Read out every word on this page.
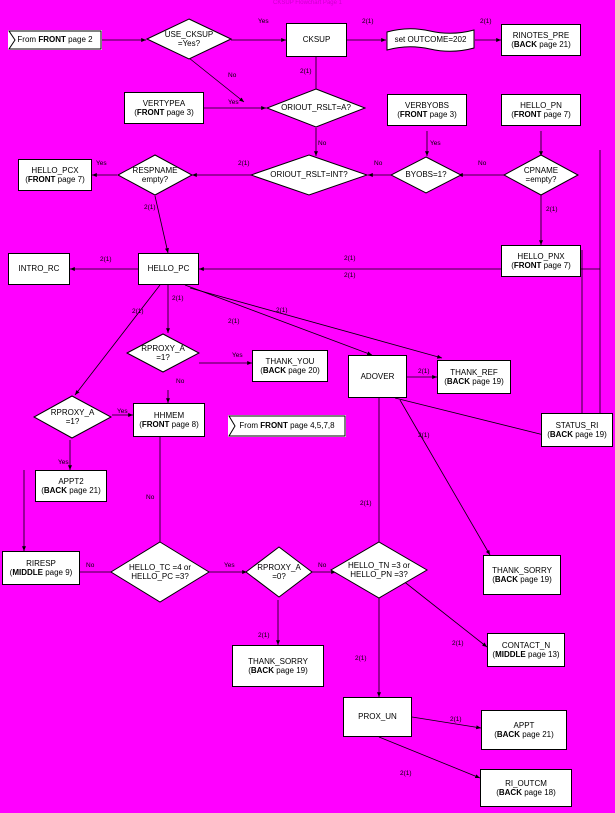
CKSUP Flowchart Page 1
From FRONT page 2
USE_CKSUP
=Yes?	CKSUP	set OUTCOME=202
RINOTES_PRE
(BACK page 21)
VERTYPEA
(FRONT page 3)
ORIOUT_RSLT=A?	VERBYOBS
(FRONT page 3)
HELLO_PN
(FRONT page 7)
HELLO_PCX
(FRONT page 7)
RESPNAME
empty?
ORIOUT_RSLT=INT?	BYOBS=1?
CPNAME
=empty?
HELLO_PNX
(FRONT page 7)
INTRO_RC	HELLO_PC
RPROXY_A
=1?	THANK_YOU
(BACK page 20)
ADOVER	THANK_REF
(BACK page 19)
RPROXY_A
=1?
HHMEM
(FRONT page 8)	From FRONT page 4,5,7,8	STATUS_RI
(BACK page 19)
APPT2
(BACK page 21)
RIRESP
(MIDDLE page 9)
HELLO_TC =4 or
HELLO_PC =3?
RPROXY_A
=0?
HELLO_TN =3 or
HELLO_PN =3?	THANK_SORRY
(BACK page 19)
THANK_SORRY
(BACK page 19)
CONTACT_N
(MIDDLE page 13)
PROX_UN
APPT
(BACK page 21)
RI_OUTCM
(BACK page 18)
Yes	2(1)	2(1)
No
Yes
2(1)
No	Yes
No	No
Yes	2(1)
2(1)
2(1)
2(1)	2(1)
2(1)
2(1)
2(1)
Yes
No
2(1)
2(1)
2(1)
Yes
Yes
No
No	Yes	No
2(1)
2(1)
2(1)
2(1)
2(1)
2(1)
2(1)
